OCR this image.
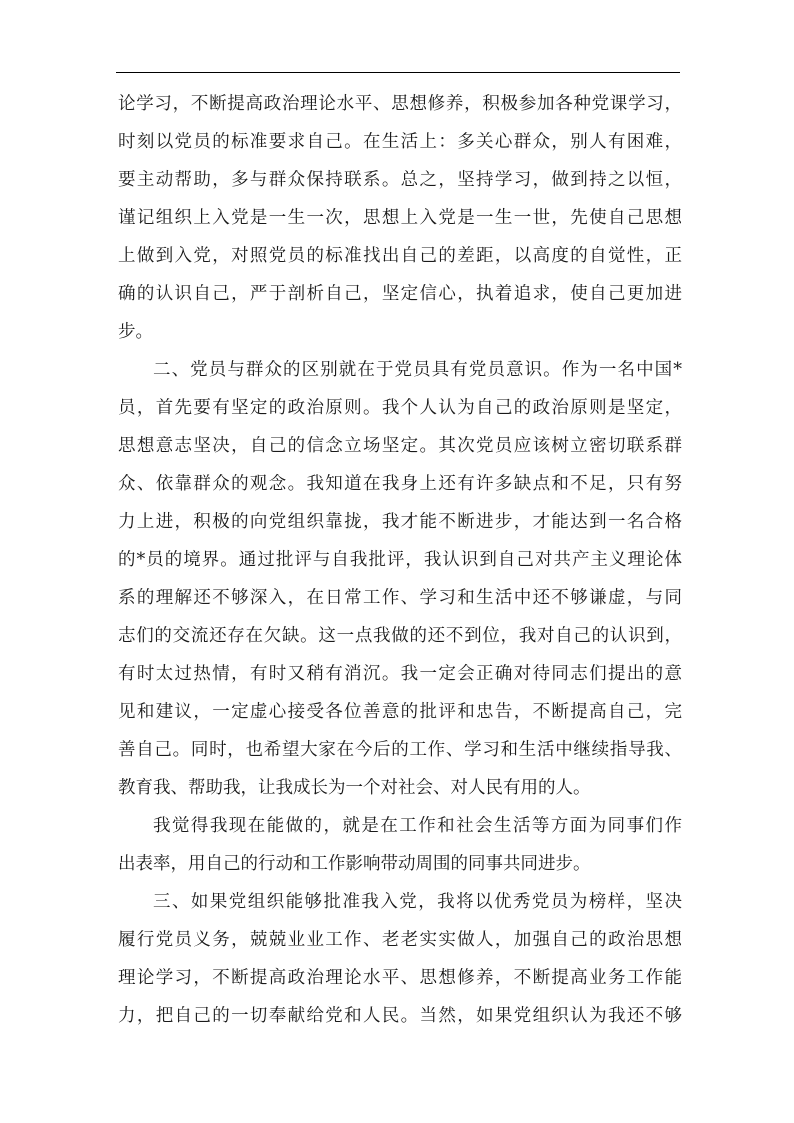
论学习，不断提高政治理论水平、思想修养，积极参加各种党课学习，
时刻以党员的标准要求自己。在生活上：多关心群众，别人有困难，
要主动帮助，多与群众保持联系。总之，坚持学习，做到持之以恒，
谨记组织上入党是一生一次，思想上入党是一生一世，先使自己思想
上做到入党，对照党员的标准找出自己的差距，以高度的自觉性，正
确的认识自己，严于剖析自己，坚定信心，执着追求，使自己更加进
步。
二、党员与群众的区别就在于党员具有党员意识。作为一名中国*
员，首先要有坚定的政治原则。我个人认为自己的政治原则是坚定，
思想意志坚决，自己的信念立场坚定。其次党员应该树立密切联系群
众、依靠群众的观念。我知道在我身上还有许多缺点和不足，只有努
力上进，积极的向党组织靠拢，我才能不断进步，才能达到一名合格
的*员的境界。通过批评与自我批评，我认识到自己对共产主义理论体
系的理解还不够深入，在日常工作、学习和生活中还不够谦虚，与同
志们的交流还存在欠缺。这一点我做的还不到位，我对自己的认识到，
有时太过热情，有时又稍有消沉。我一定会正确对待同志们提出的意
见和建议，一定虚心接受各位善意的批评和忠告，不断提高自己，完
善自己。同时，也希望大家在今后的工作、学习和生活中继续指导我、
教育我、帮助我，让我成长为一个对社会、对人民有用的人。
我觉得我现在能做的，就是在工作和社会生活等方面为同事们作
出表率，用自己的行动和工作影响带动周围的同事共同进步。
三、如果党组织能够批准我入党，我将以优秀党员为榜样，坚决
履行党员义务，兢兢业业工作、老老实实做人，加强自己的政治思想
理论学习，不断提高政治理论水平、思想修养，不断提高业务工作能
力，把自己的一切奉献给党和人民。当然，如果党组织认为我还不够
